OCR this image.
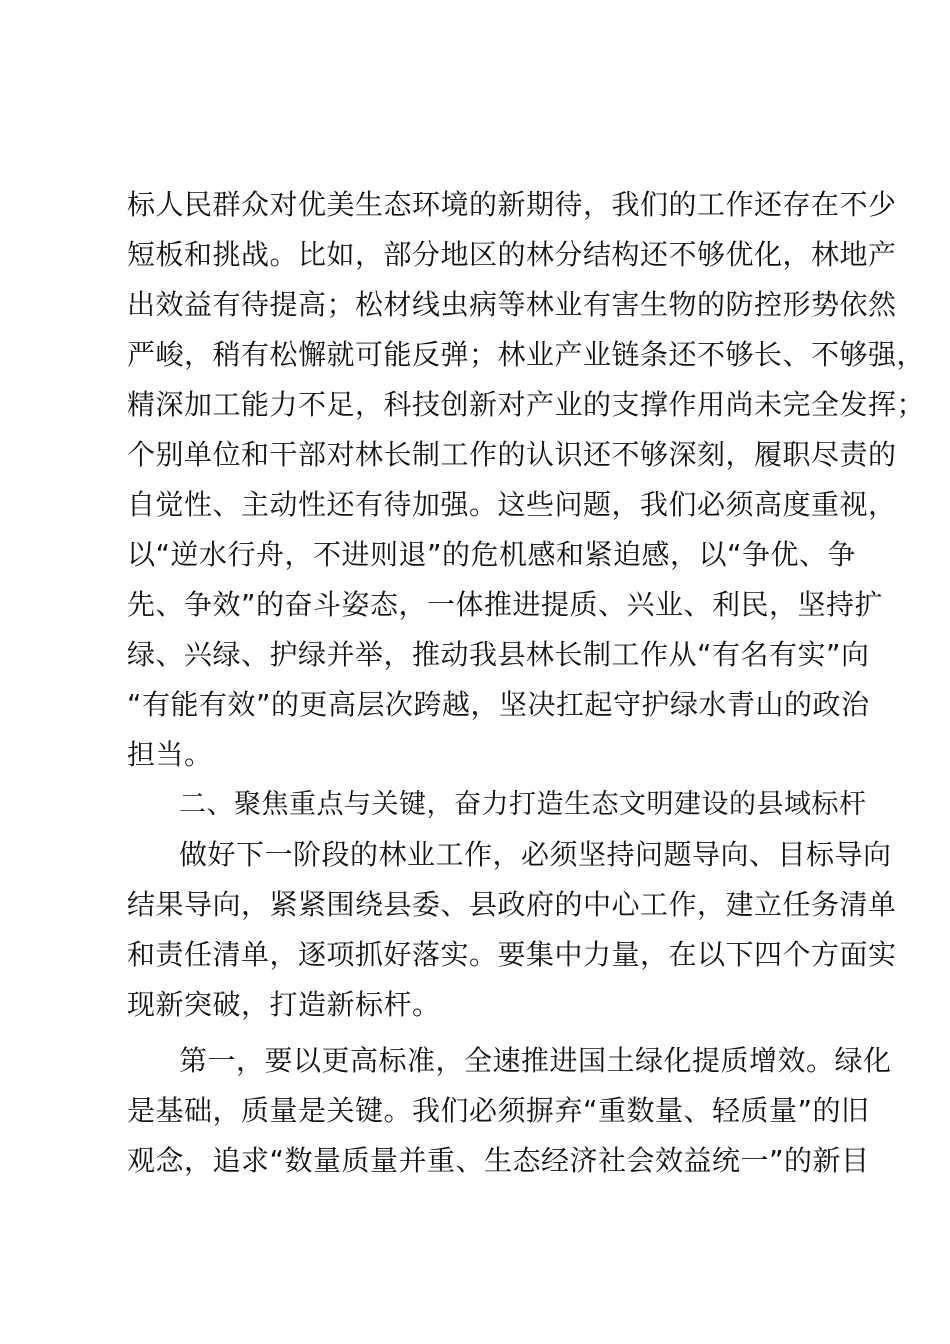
标人民群众对优美生态环境的新期待，我们的工作还存在不少
短板和挑战。比如，部分地区的林分结构还不够优化，林地产
出效益有待提高；松材线虫病等林业有害生物的防控形势依然
严峻，稍有松懈就可能反弹；林业产业链条还不够长、不够强，
精深加工能力不足，科技创新对产业的支撑作用尚未完全发挥；
个别单位和干部对林长制工作的认识还不够深刻，履职尽责的
自觉性、主动性还有待加强。这些问题，我们必须高度重视，
以“逆水行舟，不进则退”的危机感和紧迫感，以“争优、争
先、争效”的奋斗姿态，一体推进提质、兴业、利民，坚持扩
绿、兴绿、护绿并举，推动我县林长制工作从“有名有实”向
“有能有效”的更高层次跨越，坚决扛起守护绿水青山的政治
担当。
二、聚焦重点与关键，奋力打造生态文明建设的县域标杆
做好下一阶段的林业工作，必须坚持问题导向、目标导向
结果导向，紧紧围绕县委、县政府的中心工作，建立任务清单
和责任清单，逐项抓好落实。要集中力量，在以下四个方面实
现新突破，打造新标杆。
第一，要以更高标准，全速推进国土绿化提质增效。绿化
是基础，质量是关键。我们必须摒弃“重数量、轻质量”的旧
观念，追求“数量质量并重、生态经济社会效益统一”的新目
